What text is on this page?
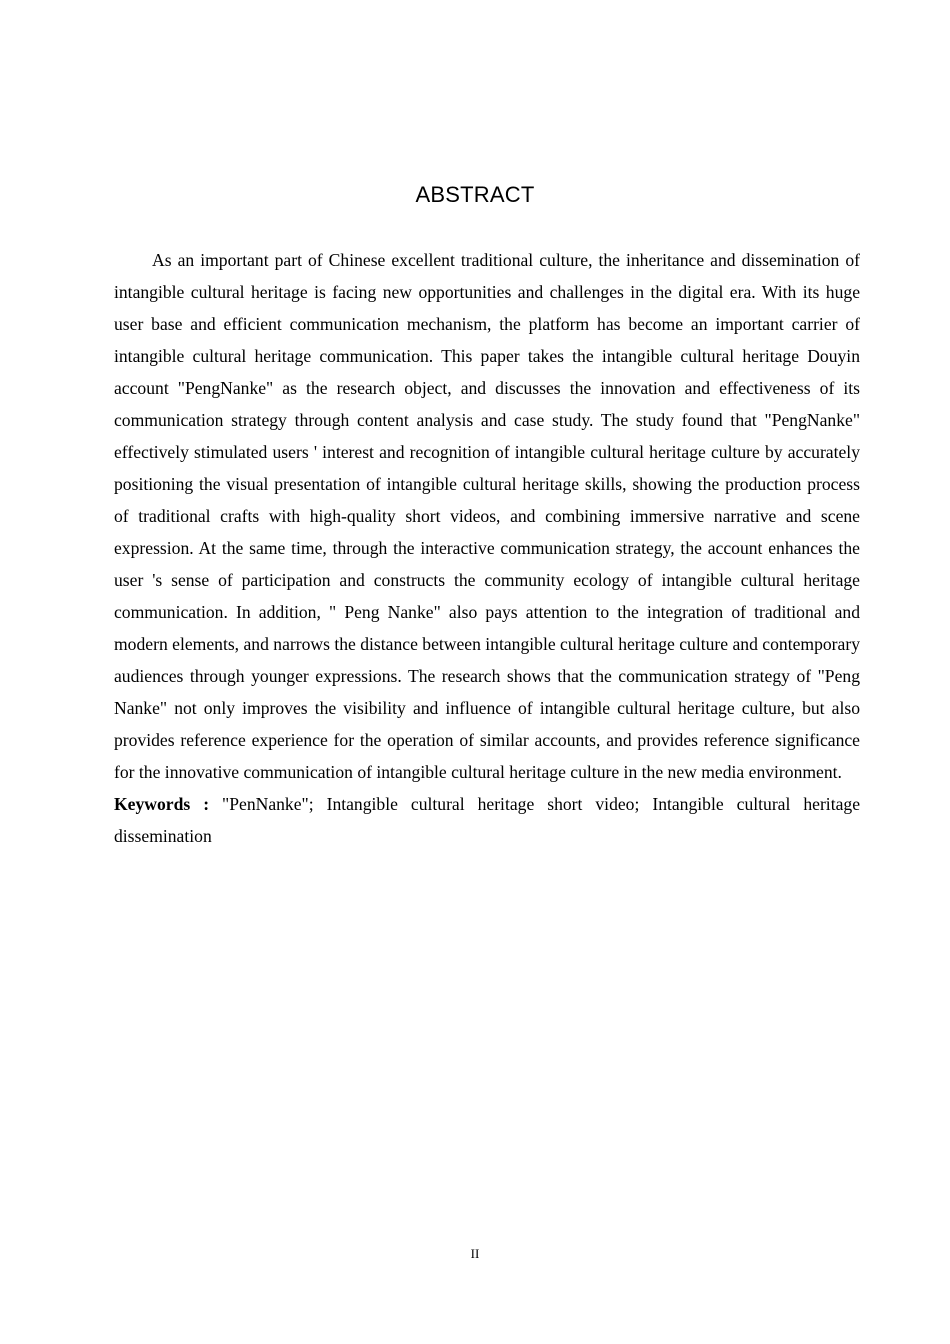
ABSTRACT

As an important part of Chinese excellent traditional culture, the inheritance and dissemination of intangible cultural heritage is facing new opportunities and challenges in the digital era. With its huge user base and efficient communication mechanism, the platform has become an important carrier of intangible cultural heritage communication. This paper takes the intangible cultural heritage Douyin account "PengNanke" as the research object, and discusses the innovation and effectiveness of its communication strategy through content analysis and case study. The study found that "PengNanke" effectively stimulated users ' interest and recognition of intangible cultural heritage culture by accurately positioning the visual presentation of intangible cultural heritage skills, showing the production process of traditional crafts with high-quality short videos, and combining immersive narrative and scene expression. At the same time, through the interactive communication strategy, the account enhances the user 's sense of participation and constructs the community ecology of intangible cultural heritage communication. In addition, " Peng Nanke" also pays attention to the integration of traditional and modern elements, and narrows the distance between intangible cultural heritage culture and contemporary audiences through younger expressions. The research shows that the communication strategy of "Peng Nanke" not only improves the visibility and influence of intangible cultural heritage culture, but also provides reference experience for the operation of similar accounts, and provides reference significance for the innovative communication of intangible cultural heritage culture in the new media environment.

Keywords : "PenNanke"; Intangible cultural heritage short video; Intangible cultural heritage dissemination

II
